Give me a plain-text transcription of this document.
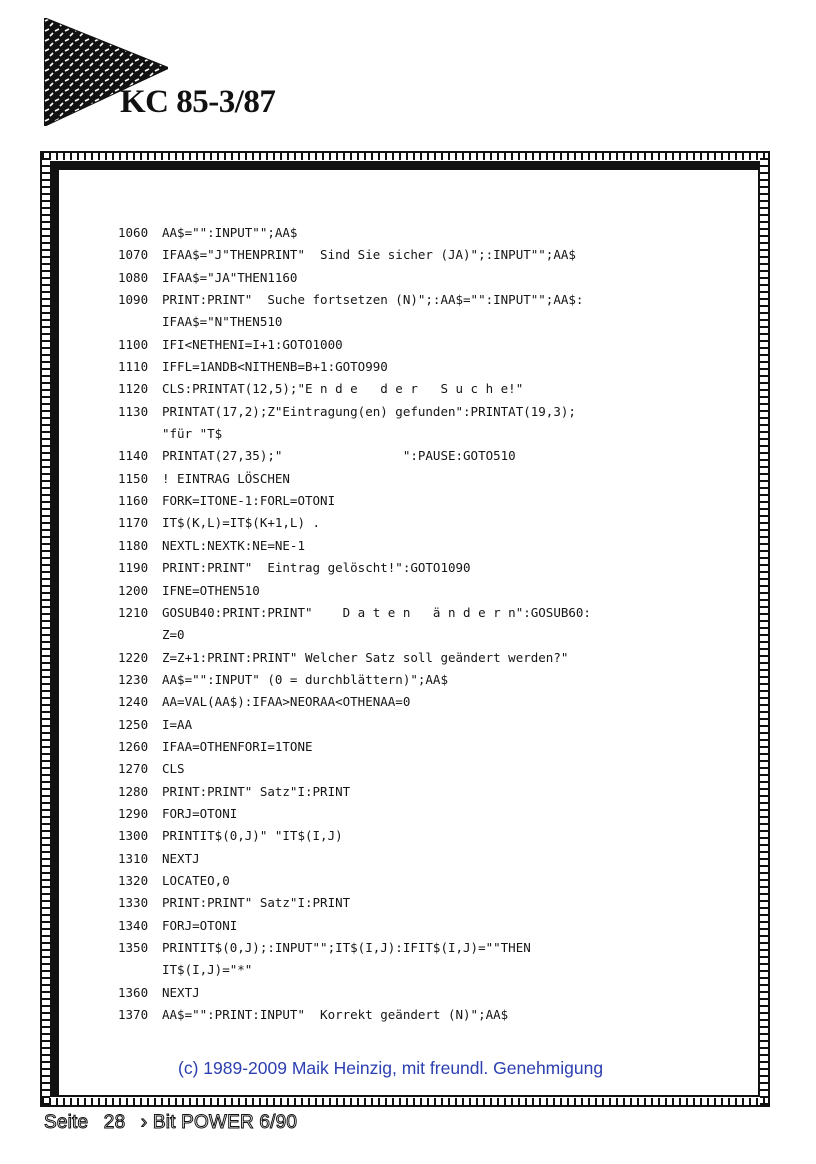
KC 85-3/87
1060	AA$="":INPUT"";AA$
1070	IFAA$="J"THENPRINT"  Sind Sie sicher (JA)";:INPUT"";AA$
1080	IFAA$="JA"THEN1160
1090	PRINT:PRINT"  Suche fortsetzen (N)";:AA$="":INPUT"";AA$:
IFAA$="N"THEN510
1100	IFI<NETHENI=I+1:GOTO1000
1110	IFFL=1ANDB<NITHENB=B+1:GOTO990
1120	CLS:PRINTAT(12,5);"E n d e   d e r   S u c h e!"
1130	PRINTAT(17,2);Z"Eintragung(en) gefunden":PRINTAT(19,3);
"für "T$
1140	PRINTAT(27,35);"                ":PAUSE:GOTO510
1150	! EINTRAG LÖSCHEN
1160	FORK=ITONE-1:FORL=OTONI
1170	IT$(K,L)=IT$(K+1,L) .
1180	NEXTL:NEXTK:NE=NE-1
1190	PRINT:PRINT"  Eintrag gelöscht!":GOTO1090
1200	IFNE=OTHEN510
1210	GOSUB40:PRINT:PRINT"    D a t e n   ä n d e r n":GOSUB60:
Z=0
1220	Z=Z+1:PRINT:PRINT" Welcher Satz soll geändert werden?"
1230	AA$="":INPUT" (0 = durchblättern)";AA$
1240	AA=VAL(AA$):IFAA>NEORAA<OTHENAA=0
1250	I=AA
1260	IFAA=OTHENFORI=1TONE
1270	CLS
1280	PRINT:PRINT" Satz"I:PRINT
1290	FORJ=OTONI
1300	PRINTIT$(0,J)" "IT$(I,J)
1310	NEXTJ
1320	LOCATEO,0
1330	PRINT:PRINT" Satz"I:PRINT
1340	FORJ=OTONI
1350	PRINTIT$(0,J);:INPUT"";IT$(I,J):IFIT$(I,J)=""THEN
IT$(I,J)="*"
1360	NEXTJ
1370	AA$="":PRINT:INPUT"  Korrekt geändert (N)";AA$
(c) 1989-2009 Maik Heinzig, mit freundl. Genehmigung
Seite 28 › Bit POWER 6/90
